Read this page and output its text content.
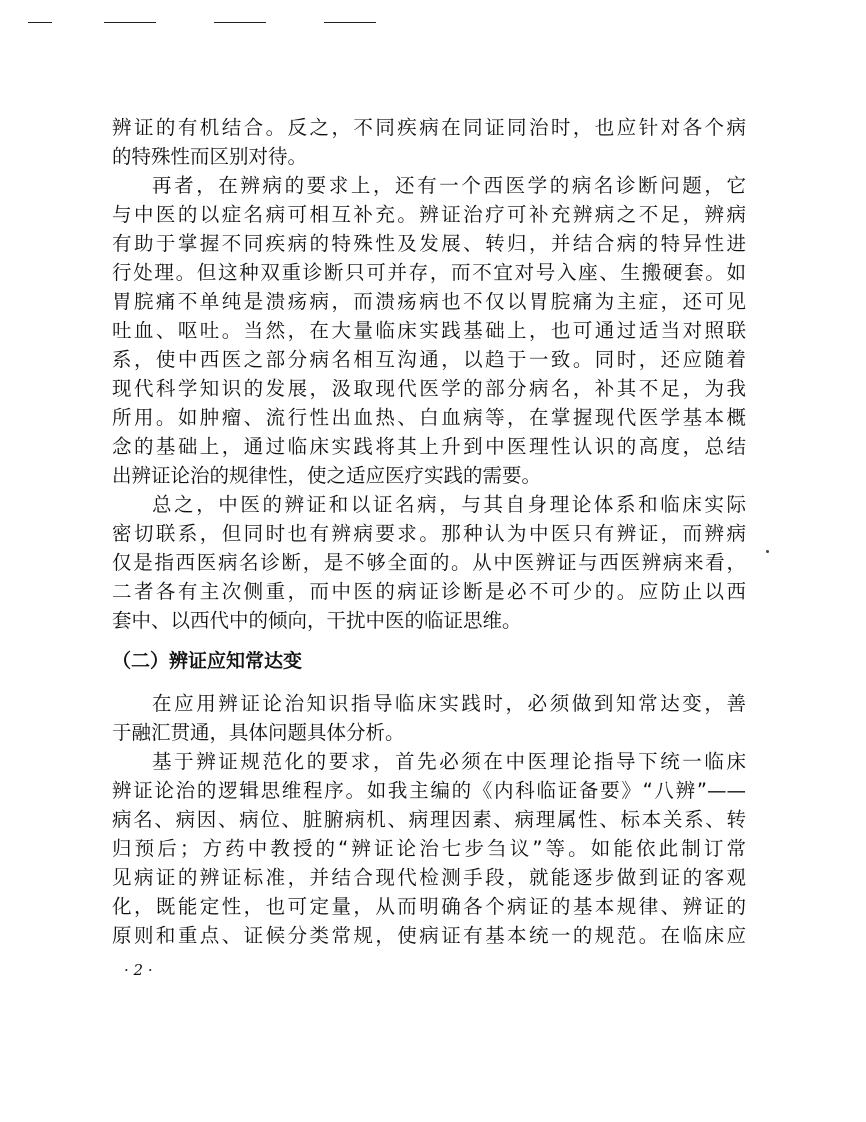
辨证的有机结合。反之，不同疾病在同证同治时，也应针对各个病
的特殊性而区别对待。
再者，在辨病的要求上，还有一个西医学的病名诊断问题，它
与中医的以症名病可相互补充。辨证治疗可补充辨病之不足，辨病
有助于掌握不同疾病的特殊性及发展、转归，并结合病的特异性进
行处理。但这种双重诊断只可并存，而不宜对号入座、生搬硬套。如
胃脘痛不单纯是溃疡病，而溃疡病也不仅以胃脘痛为主症，还可见
吐血、呕吐。当然，在大量临床实践基础上，也可通过适当对照联
系，使中西医之部分病名相互沟通，以趋于一致。同时，还应随着
现代科学知识的发展，汲取现代医学的部分病名，补其不足，为我
所用。如肿瘤、流行性出血热、白血病等，在掌握现代医学基本概
念的基础上，通过临床实践将其上升到中医理性认识的高度，总结
出辨证论治的规律性，使之适应医疗实践的需要。
总之，中医的辨证和以证名病，与其自身理论体系和临床实际
密切联系，但同时也有辨病要求。那种认为中医只有辨证，而辨病
仅是指西医病名诊断，是不够全面的。从中医辨证与西医辨病来看，
二者各有主次侧重，而中医的病证诊断是必不可少的。应防止以西
套中、以西代中的倾向，干扰中医的临证思维。
（二）辨证应知常达变
在应用辨证论治知识指导临床实践时，必须做到知常达变，善
于融汇贯通，具体问题具体分析。
基于辨证规范化的要求，首先必须在中医理论指导下统一临床
辨证论治的逻辑思维程序。如我主编的《内科临证备要》“八辨”——
病名、病因、病位、脏腑病机、病理因素、病理属性、标本关系、转
归预后；方药中教授的“辨证论治七步刍议”等。如能依此制订常
见病证的辨证标准，并结合现代检测手段，就能逐步做到证的客观
化，既能定性，也可定量，从而明确各个病证的基本规律、辨证的
原则和重点、证候分类常规，使病证有基本统一的规范。在临床应
· 2 ·
